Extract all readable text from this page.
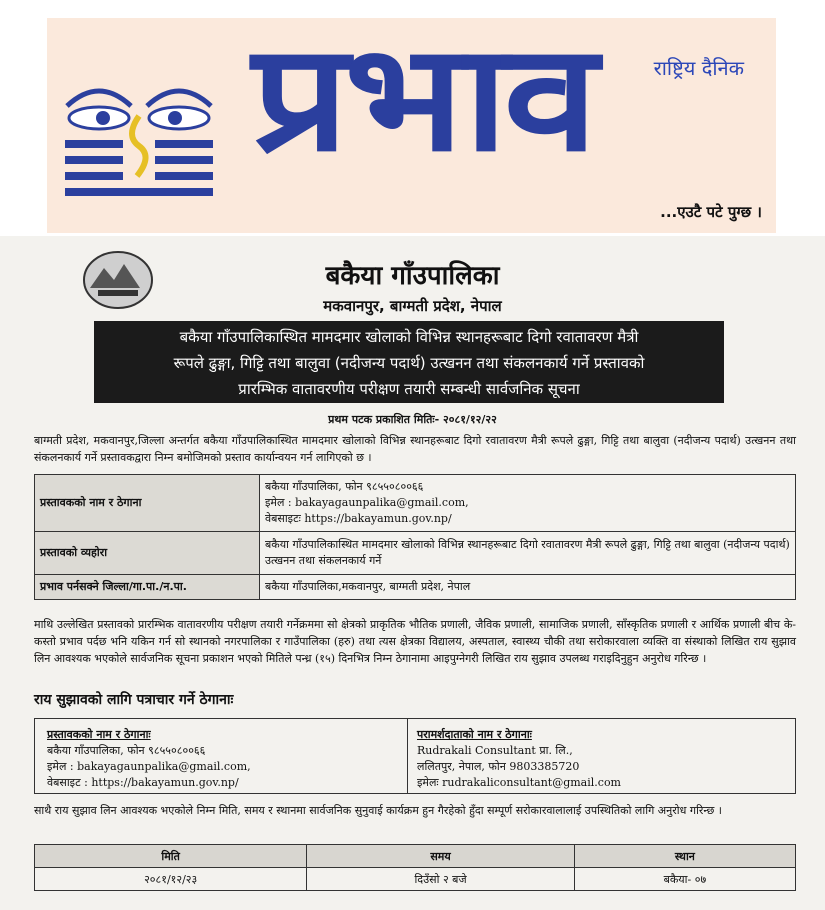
राष्ट्रिय दैनिक
प्रभाव
...एउटै पटे पुग्छ ।
बकैया गाँउपालिका
मकवानपुर, बाग्मती प्रदेश, नेपाल
बकैया गाँउपालिकास्थित मामदमार खोलाको विभिन्न स्थानहरूबाट दिगो रवातावरण मैत्री
रूपले ढुङ्गा, गिट्टि तथा बालुवा (नदीजन्य पदार्थ) उत्खनन तथा संकलनकार्य गर्ने प्रस्तावको
प्रारम्भिक वातावरणीय परीक्षण तयारी सम्बन्धी सार्वजनिक सूचना
प्रथम पटक प्रकाशित मितिः- २०८१/१२/२२
बाग्मती प्रदेश, मकवानपुर,जिल्ला अन्तर्गत बकैया गाँउपालिकास्थित मामदमार खोलाको विभिन्न स्थानहरूबाट दिगो रवातावरण मैत्री रूपले ढुङ्गा, गिट्टि तथा बालुवा (नदीजन्य पदार्थ) उत्खनन तथा संकलनकार्य गर्ने प्रस्तावकद्वारा निम्न बमोजिमको प्रस्ताव कार्यान्वयन गर्न लागिएको छ ।
प्रस्तावकको नाम र ठेगाना	बकैया गाँउपालिका, फोन ९८५५०८००६६
इमेल : bakayagaunpalika@gmail.com,
वेबसाइटः https://bakayamun.gov.np/

प्रस्तावको व्यहोरा	बकैया गाँउपालिकास्थित मामदमार खोलाको विभिन्न स्थानहरूबाट दिगो रवातावरण मैत्री रूपले ढुङ्गा, गिट्टि तथा बालुवा (नदीजन्य पदार्थ) उत्खनन तथा संकलनकार्य गर्ने
प्रभाव पर्नसक्ने जिल्ला/गा.पा./न.पा.	बकैया गाँउपालिका,मकवानपुर, बाग्मती प्रदेश, नेपाल
माथि उल्लेखित प्रस्तावको प्रारम्भिक वातावरणीय परीक्षण तयारी गर्नेक्रममा सो क्षेत्रको प्राकृतिक भौतिक प्रणाली, जैविक प्रणाली, सामाजिक प्रणाली, साँस्कृतिक प्रणाली र आर्थिक प्रणाली बीच के-कस्तो प्रभाव पर्दछ भनि यकिन गर्न सो स्थानको नगरपालिका र गाउँपालिका (हरु) तथा त्यस क्षेत्रका विद्यालय, अस्पताल, स्वास्थ्य चौकी तथा सरोकारवाला व्यक्ति वा संस्थाको लिखित राय सुझाव लिन आवश्यक भएकोले सार्वजनिक सूचना प्रकाशन भएको मितिले पन्ध्र (१५) दिनभित्र निम्न ठेगानामा आइपुग्नेगरी लिखित राय सुझाव उपलब्ध गराइदिनुहुन अनुरोध गरिन्छ ।
राय सुझावको लागि पत्राचार गर्ने ठेगानाः
प्रस्तावकको नाम र ठेगानाः
बकैया गाँउपालिका, फोन ९८५५०८००६६
इमेल : bakayagaunpalika@gmail.com,
वेबसाइट : https://bakayamun.gov.np/
परामर्शदाताको नाम र ठेगानाः
Rudrakali Consultant प्रा. लि.,
ललितपुर, नेपाल, फोन 9803385720
इमेलः rudrakaliconsultant@gmail.com
साथै राय सुझाव लिन आवश्यक भएकोले निम्न मिति, समय र स्थानमा सार्वजनिक सुनुवाई कार्यक्रम हुन गैरहेको हुँदा सम्पूर्ण सरोकारवालालाई उपस्थितिको लागि अनुरोध गरिन्छ ।
मिति	समय	स्थान
२०८१/१२/२३	दिउँसो २ बजे	बकैया- ०७
